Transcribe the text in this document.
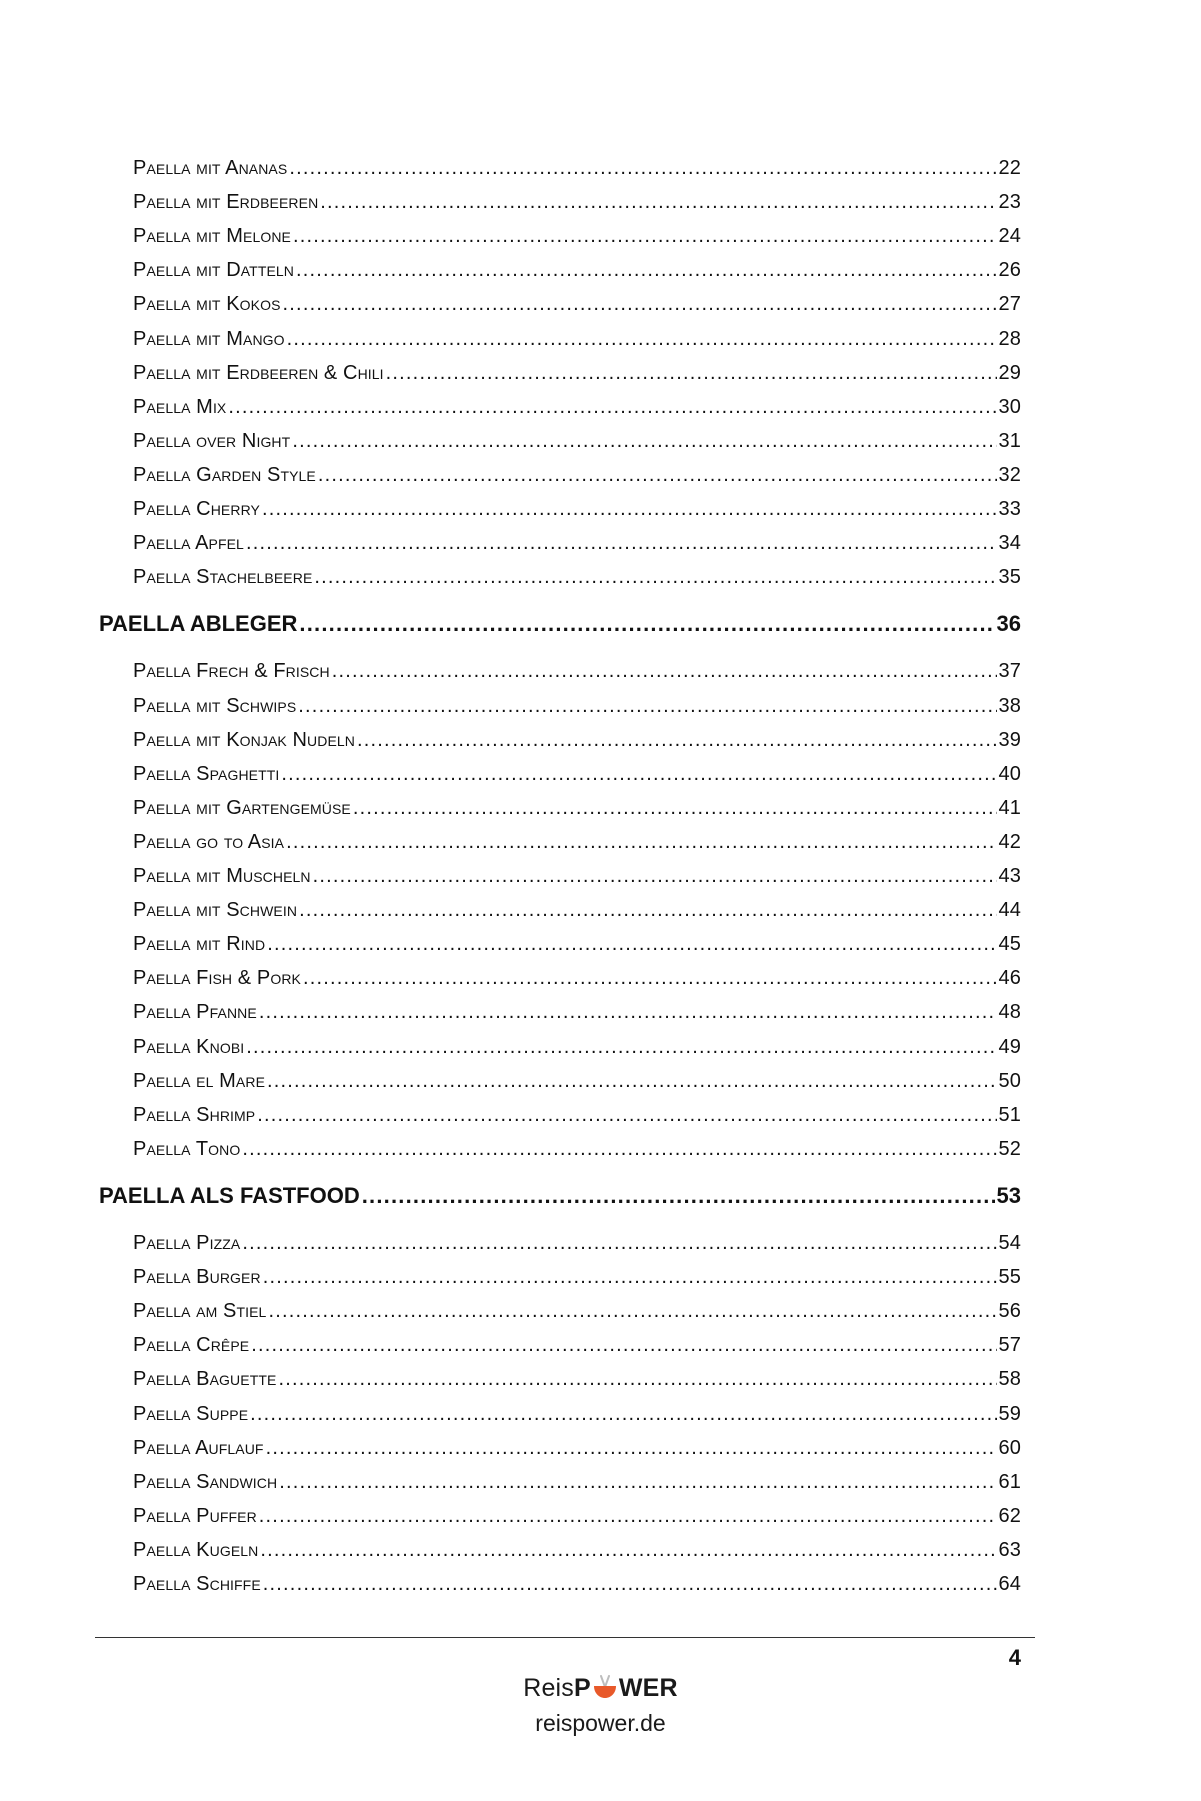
Paella mit Ananas .....	22
Paella mit Erdbeeren .....	23
Paella mit Melone .....	24
Paella mit Datteln .....	26
Paella mit Kokos .....	27
Paella mit Mango .....	28
Paella mit Erdbeeren & Chili .....	29
Paella Mix .....	30
Paella over Night .....	31
Paella Garden Style .....	32
Paella Cherry .....	33
Paella Apfel .....	34
Paella Stachelbeere .....	35
PAELLA ABLEGER .....	36
Paella Frech & Frisch .....	37
Paella mit Schwips .....	38
Paella mit Konjak Nudeln .....	39
Paella Spaghetti .....	40
Paella mit Gartengemüse .....	41
Paella go to Asia .....	42
Paella mit Muscheln .....	43
Paella mit Schwein .....	44
Paella mit Rind .....	45
Paella Fish & Pork .....	46
Paella Pfanne .....	48
Paella Knobi .....	49
Paella el Mare .....	50
Paella Shrimp .....	51
Paella Tono .....	52
PAELLA ALS FASTFOOD .....	53
Paella Pizza .....	54
Paella Burger .....	55
Paella am Stiel .....	56
Paella Crêpe .....	57
Paella Baguette .....	58
Paella Suppe .....	59
Paella Auflauf .....	60
Paella Sandwich .....	61
Paella Puffer .....	62
Paella Kugeln .....	63
Paella Schiffe .....	64
4
ReisP WER
reispower.de
